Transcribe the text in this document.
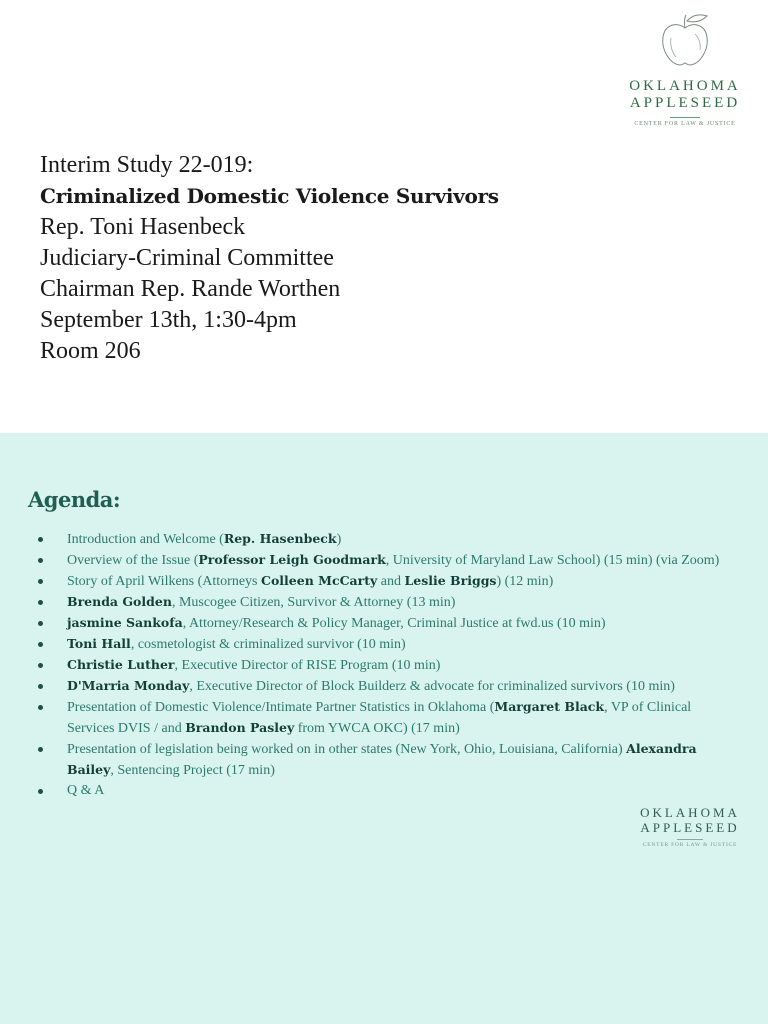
OKLAHOMA
APPLESEED
CENTER FOR LAW & JUSTICE
Interim Study 22-019:
Criminalized Domestic Violence Survivors
Rep. Toni Hasenbeck
Judiciary-Criminal Committee
Chairman Rep. Rande Worthen
September 13th, 1:30-4pm
Room 206
Agenda:
Introduction and Welcome (Rep. Hasenbeck)
Overview of the Issue (Professor Leigh Goodmark, University of Maryland Law School) (15 min) (via Zoom)
Story of April Wilkens (Attorneys Colleen McCarty and Leslie Briggs) (12 min)
Brenda Golden, Muscogee Citizen, Survivor & Attorney (13 min)
jasmine Sankofa, Attorney/Research & Policy Manager, Criminal Justice at fwd.us (10 min)
Toni Hall, cosmetologist & criminalized survivor (10 min)
Christie Luther, Executive Director of RISE Program (10 min)
D'Marria Monday, Executive Director of Block Builderz & advocate for criminalized survivors (10 min)
Presentation of Domestic Violence/Intimate Partner Statistics in Oklahoma (Margaret Black, VP of Clinical Services DVIS / and Brandon Pasley from YWCA OKC) (17 min)
Presentation of legislation being worked on in other states (New York, Ohio, Louisiana, California) Alexandra Bailey, Sentencing Project (17 min)
Q & A
OKLAHOMA
APPLESEED
CENTER FOR LAW & JUSTICE
